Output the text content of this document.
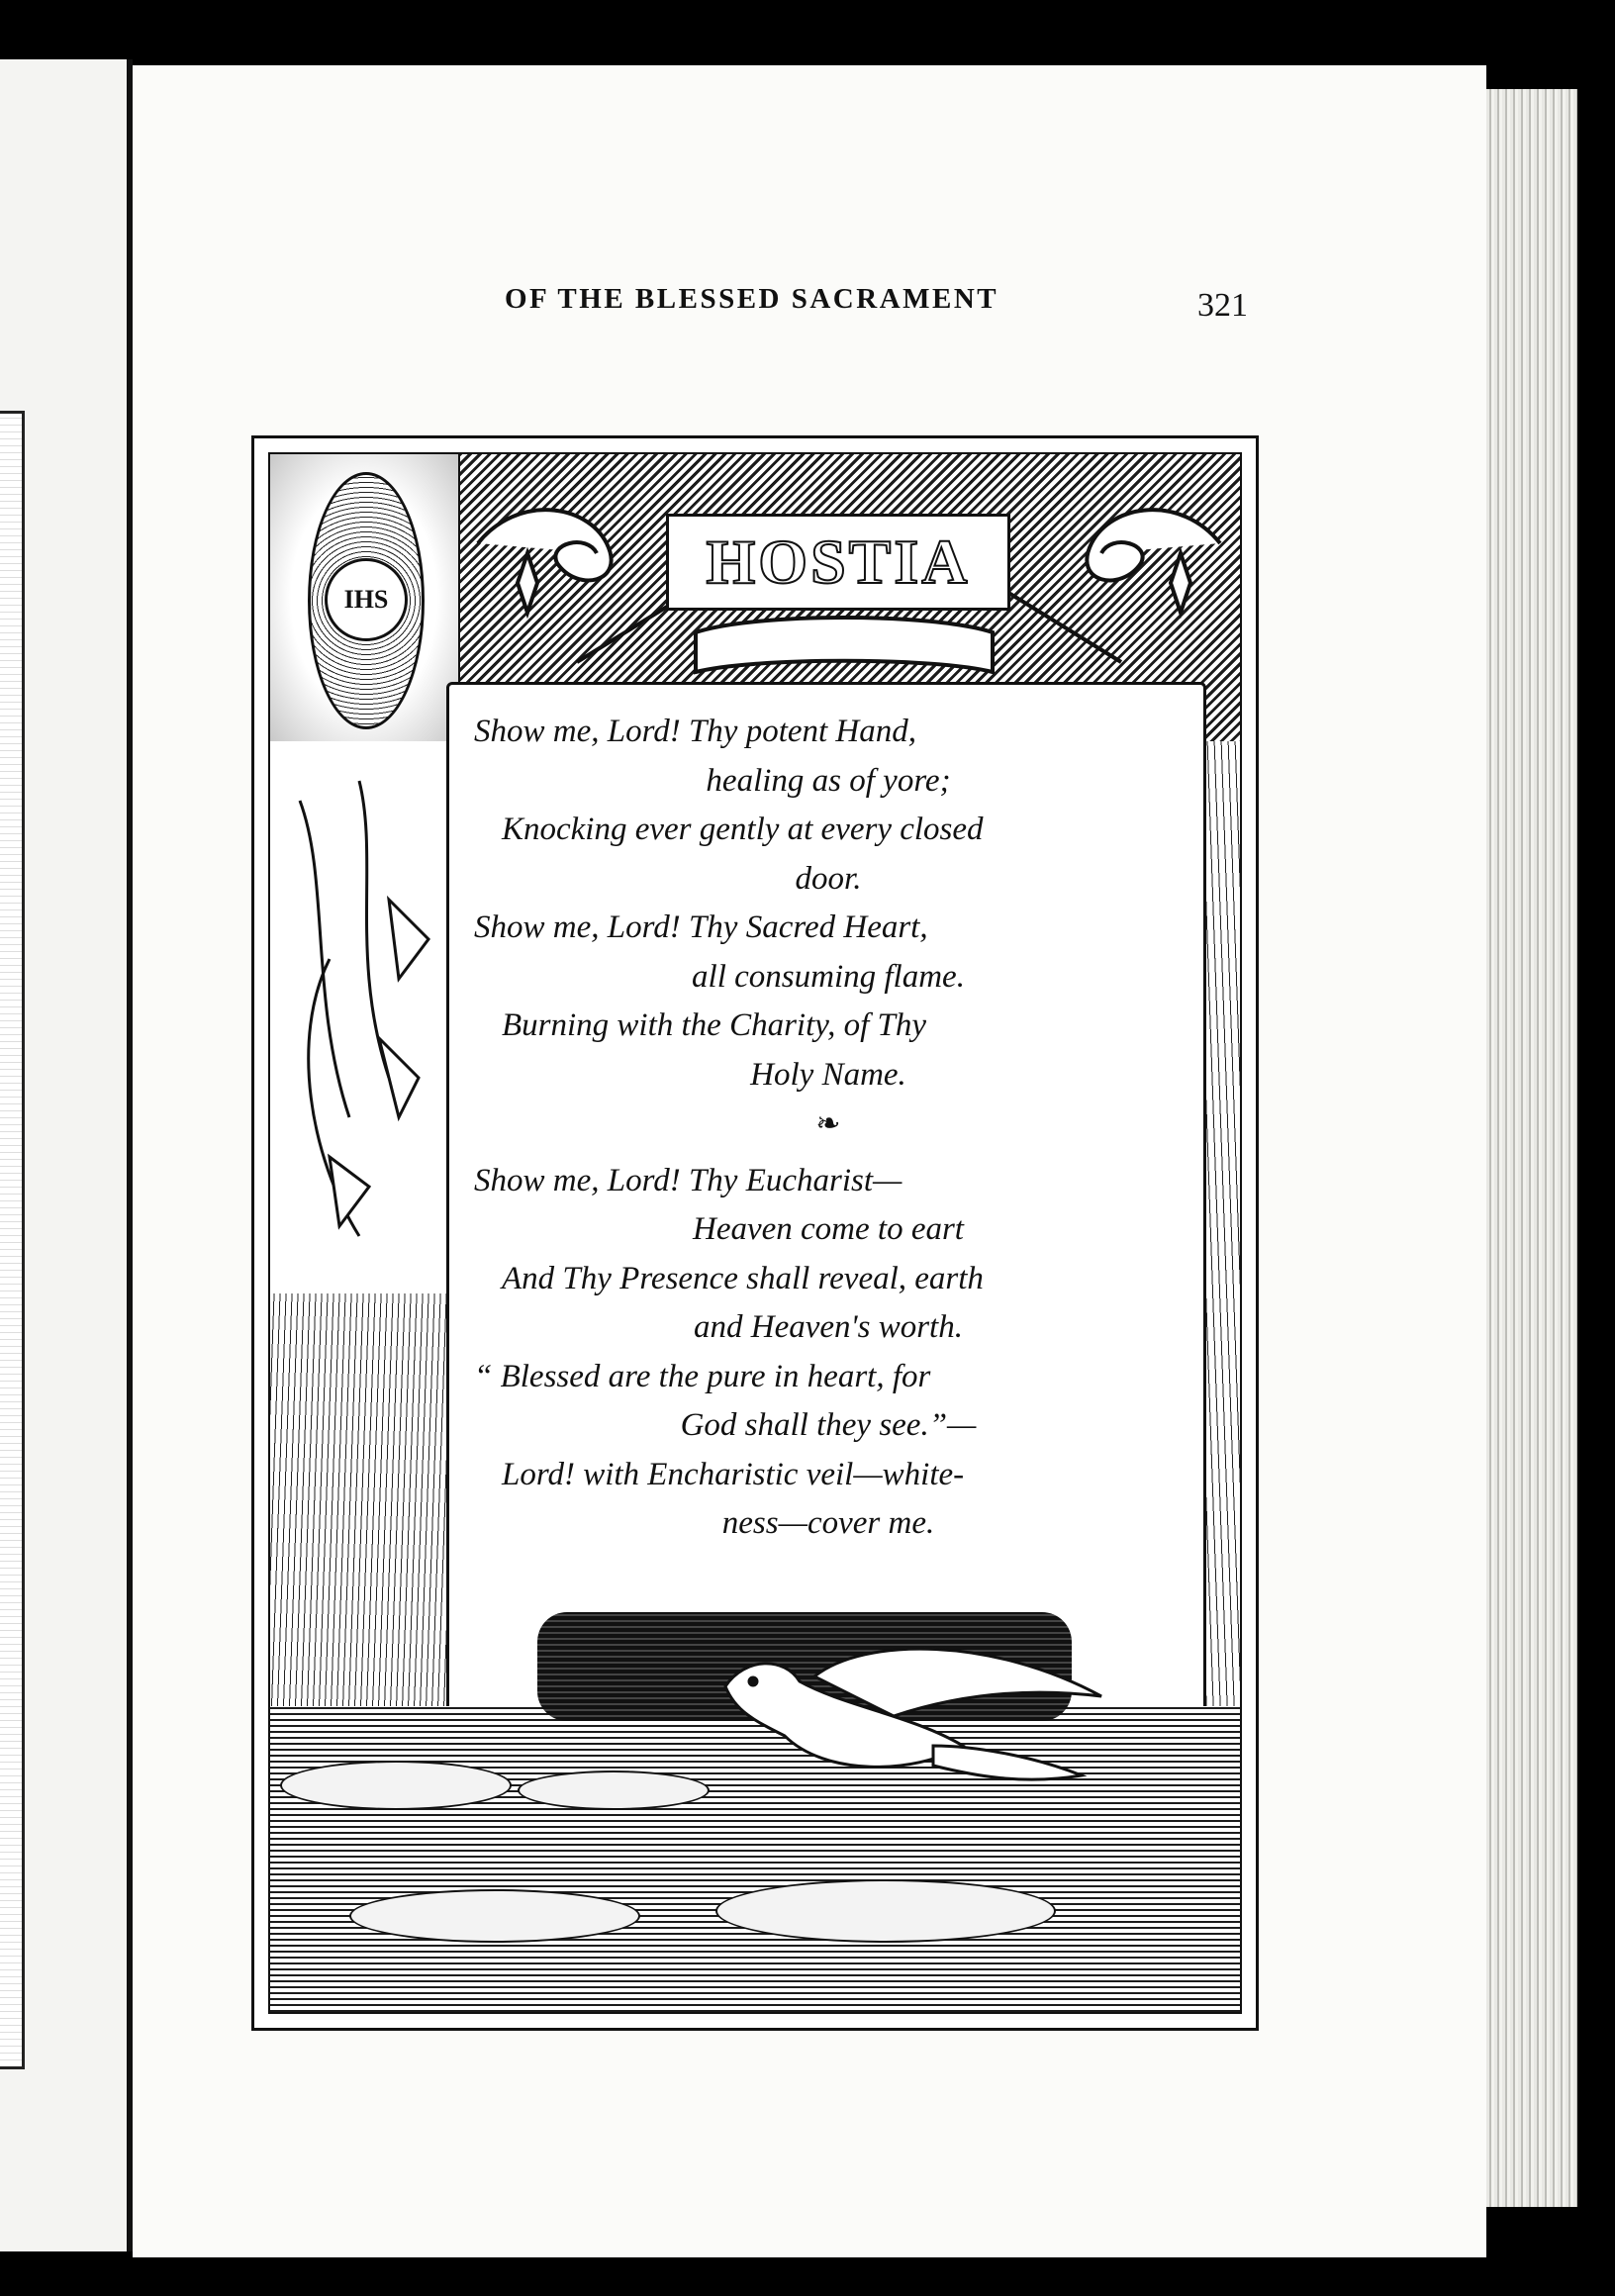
OF THE BLESSED SACRAMENT	321
IHS
HOSTIA
Show me, Lord! Thy potent Hand,
healing as of yore;
Knocking ever gently at every closed
door.
Show me, Lord! Thy Sacred Heart,
all consuming flame.
Burning with the Charity, of Thy
Holy Name.
❧
Show me, Lord! Thy Eucharist—
Heaven come to eart
And Thy Presence shall reveal, earth
and Heaven's worth.
“ Blessed are the pure in heart, for
God shall they see.”—
Lord! with Encharistic veil—white-
ness—cover me.
